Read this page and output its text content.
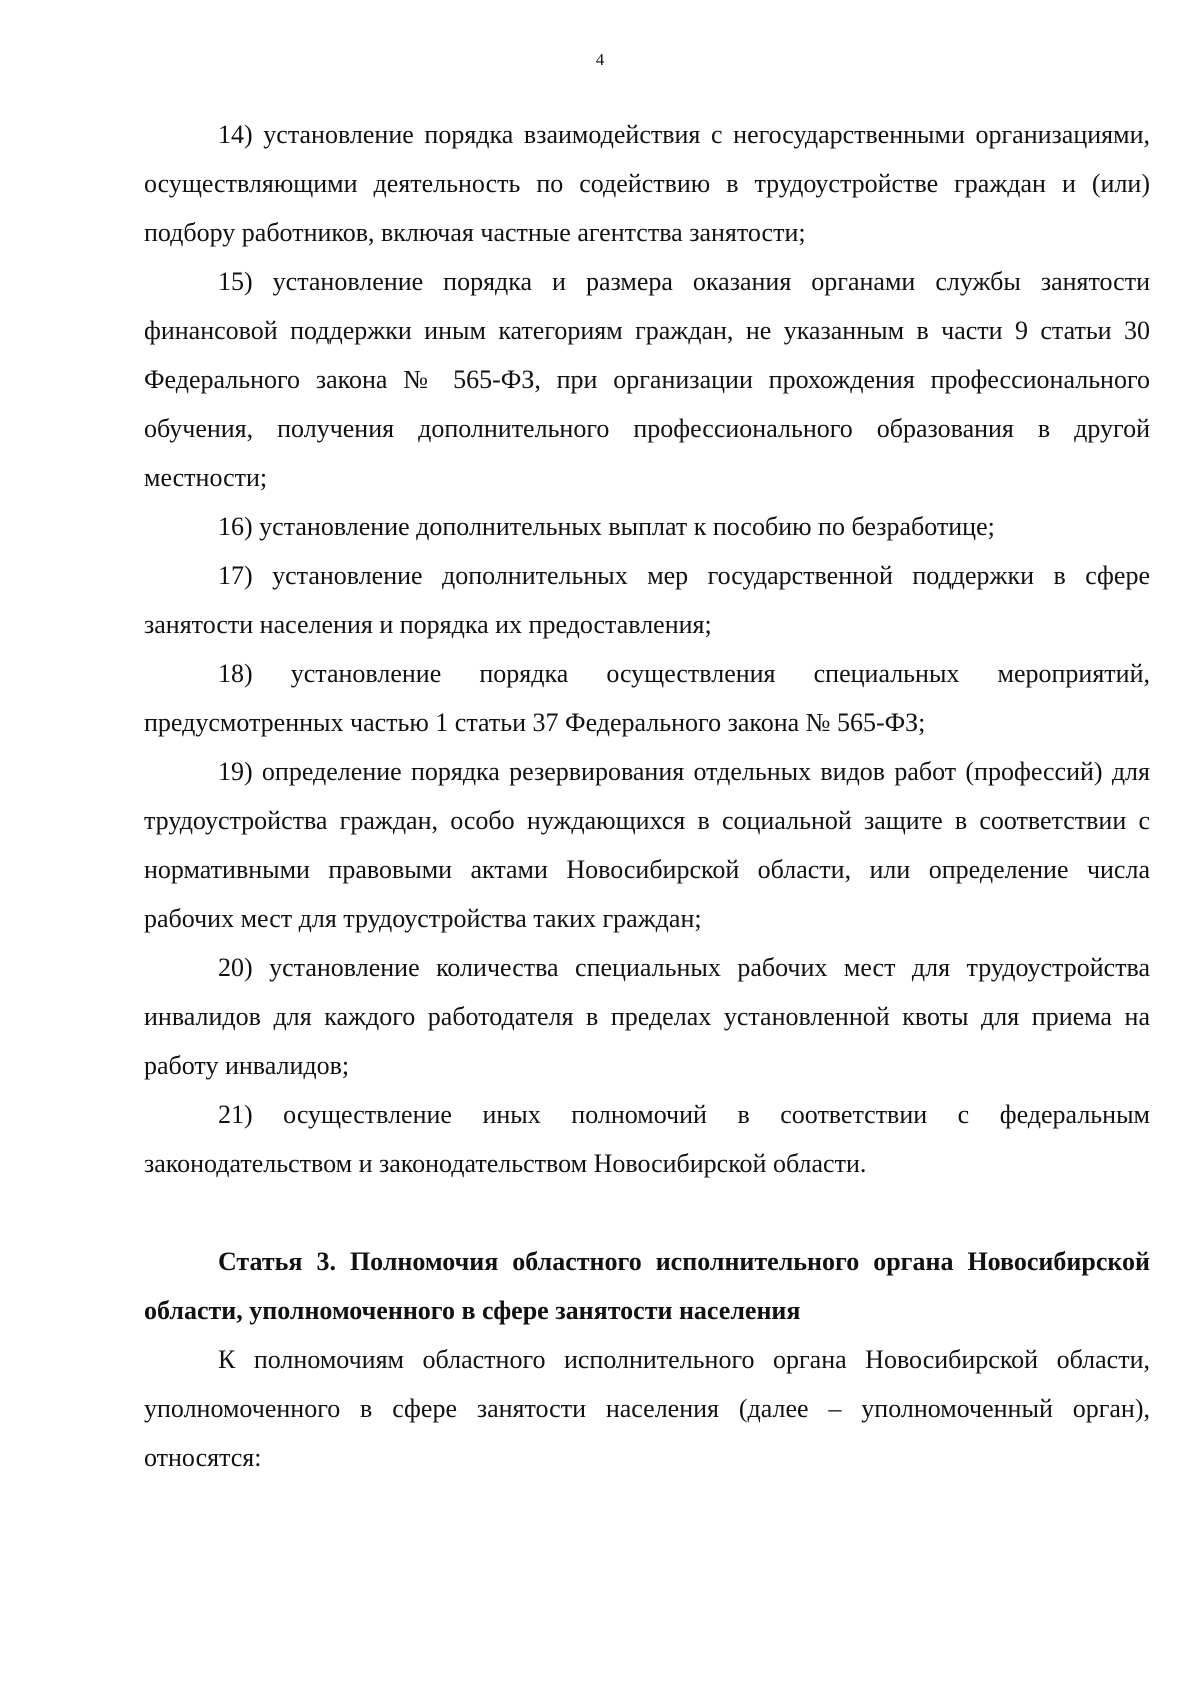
4

14) установление порядка взаимодействия с негосударственными организациями, осуществляющими деятельность по содействию в трудоустройстве граждан и (или) подбору работников, включая частные агентства занятости;

15) установление порядка и размера оказания органами службы занятости финансовой поддержки иным категориям граждан, не указанным в части 9 статьи 30 Федерального закона № 565-ФЗ, при организации прохождения профессионального обучения, получения дополнительного профессионального образования в другой местности;

16) установление дополнительных выплат к пособию по безработице;

17) установление дополнительных мер государственной поддержки в сфере занятости населения и порядка их предоставления;

18) установление порядка осуществления специальных мероприятий, предусмотренных частью 1 статьи 37 Федерального закона № 565-ФЗ;

19) определение порядка резервирования отдельных видов работ (профессий) для трудоустройства граждан, особо нуждающихся в социальной защите в соответствии с нормативными правовыми актами Новосибирской области, или определение числа рабочих мест для трудоустройства таких граждан;

20) установление количества специальных рабочих мест для трудоустройства инвалидов для каждого работодателя в пределах установленной квоты для приема на работу инвалидов;

21) осуществление иных полномочий в соответствии с федеральным законодательством и законодательством Новосибирской области.

Статья 3. Полномочия областного исполнительного органа Новосибирской области, уполномоченного в сфере занятости населения

К полномочиям областного исполнительного органа Новосибирской области, уполномоченного в сфере занятости населения (далее – уполномоченный орган), относятся:
